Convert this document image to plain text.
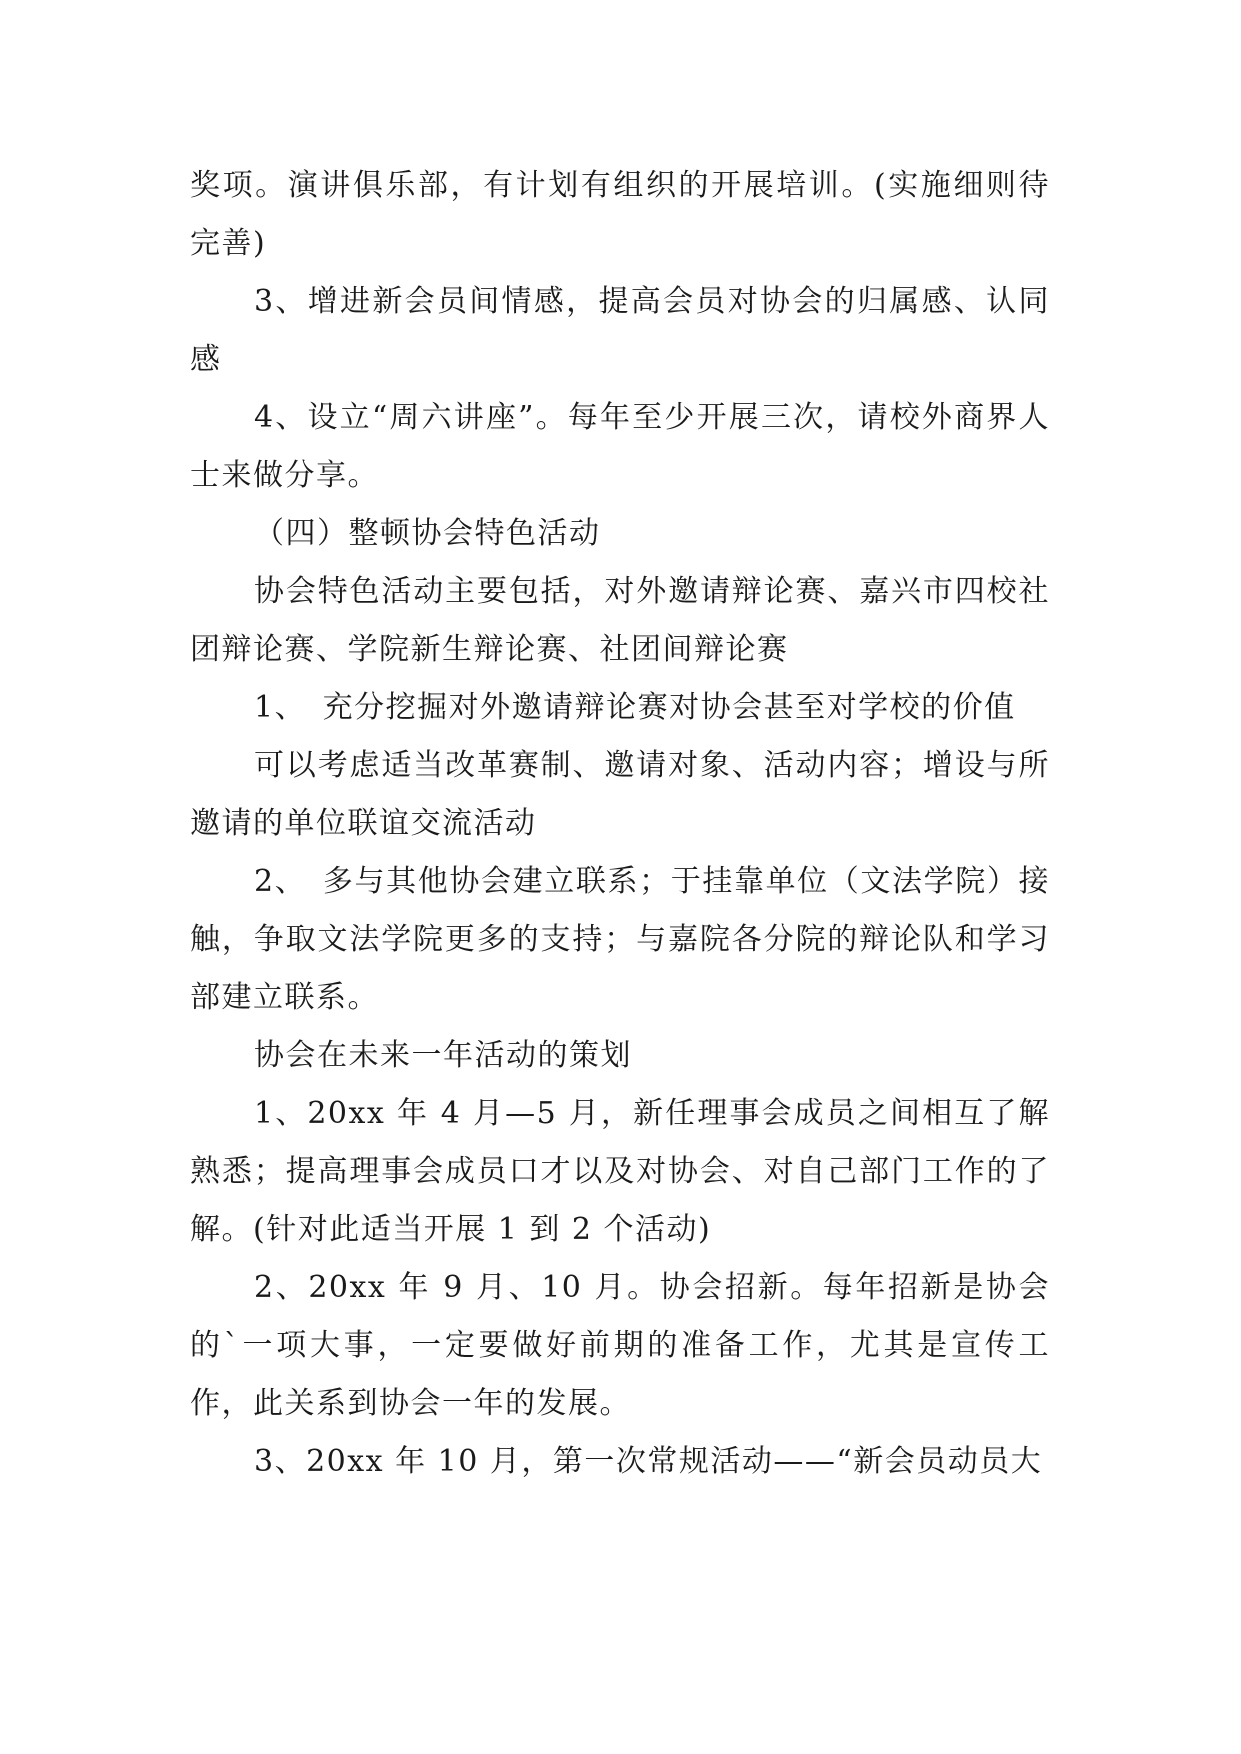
奖项。演讲俱乐部，有计划有组织的开展培训。(实施细则待完善)

3、增进新会员间情感，提高会员对协会的归属感、认同感

4、设立“周六讲座”。每年至少开展三次，请校外商界人士来做分享。

（四）整顿协会特色活动

协会特色活动主要包括，对外邀请辩论赛、嘉兴市四校社团辩论赛、学院新生辩论赛、社团间辩论赛

1、　充分挖掘对外邀请辩论赛对协会甚至对学校的价值

可以考虑适当改革赛制、邀请对象、活动内容；增设与所邀请的单位联谊交流活动

2、　多与其他协会建立联系；于挂靠单位（文法学院）接触，争取文法学院更多的支持；与嘉院各分院的辩论队和学习部建立联系。

协会在未来一年活动的策划

1、20xx 年 4 月—5 月，新任理事会成员之间相互了解熟悉；提高理事会成员口才以及对协会、对自己部门工作的了解。(针对此适当开展 1 到 2 个活动)

2、20xx 年 9 月、10 月。协会招新。每年招新是协会的`一项大事，一定要做好前期的准备工作，尤其是宣传工作，此关系到协会一年的发展。

3、20xx 年 10 月，第一次常规活动——“新会员动员大
